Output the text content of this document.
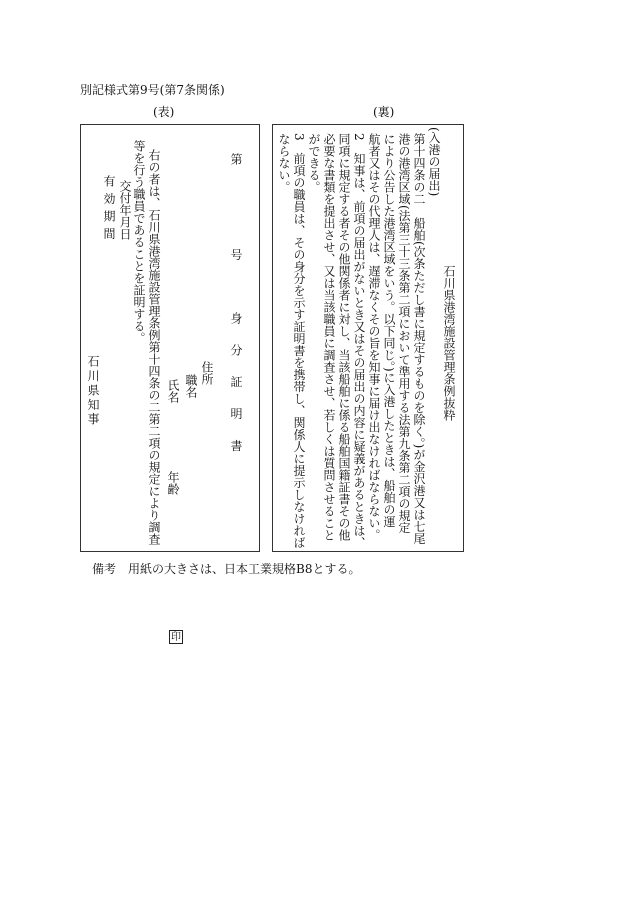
別記様式第9号(第7条関係)
(表)	(裏)
第　　号　身分証明書
住所
職名
氏名
年齢
右の者は、石川県港湾施設管理条例第十四条の二第二項の規定により調査
等を行う職員であることを証明する。
交付年月日
有効期間
石川県知事
印
石川県港湾施設管理条例抜粋
(入港の届出)
第十四条の二　船舶(次条ただし書に規定するものを除く。)が金沢港又は七尾
港の港湾区域(法第三十三条第二項において準用する法第九条第二項の規定
により公告した港湾区域をいう。以下同じ。)に入港したときは、船舶の運
航者又はその代理人は、遅滞なくその旨を知事に届け出なければならない。
2　知事は、前項の届出がないとき又はその届出の内容に疑義があるときは、
同項に規定する者その他関係者に対し、当該船舶に係る船舶国籍証書その他
必要な書類を提出させ、又は当該職員に調査させ、若しくは質問させること
ができる。
3　前項の職員は、その身分を示す証明書を携帯し、関係人に提示しなければ
ならない。
備考　用紙の大きさは、日本工業規格B8とする。
